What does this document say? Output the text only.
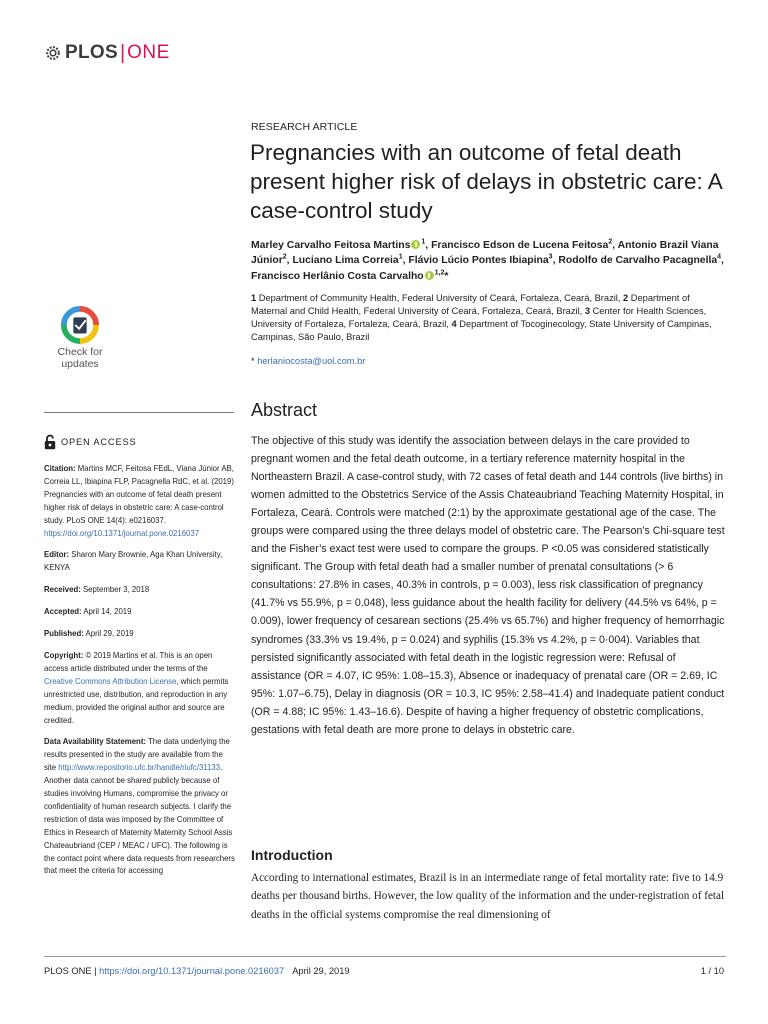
PLOS | ONE
RESEARCH ARTICLE
Pregnancies with an outcome of fetal death present higher risk of delays in obstetric care: A case-control study
Marley Carvalho Feitosa Martins $^1$, Francisco Edson de Lucena Feitosa$^2$, Antonio Brazil Viana Júnior$^2$, Luciano Lima Correia$^1$, Flávio Lúcio Pontes Ibiapina$^3$, Rodolfo de Carvalho Pacagnella$^4$, Francisco Herlânio Costa Carvalho $^{1,2}$*
1 Department of Community Health, Federal University of Ceará, Fortaleza, Ceará, Brazil, 2 Department of Maternal and Child Health, Federal University of Ceará, Fortaleza, Ceará, Brazil, 3 Center for Health Sciences, University of Fortaleza, Fortaleza, Ceará, Brazil, 4 Department of Tocoginecology, State University of Campinas, Campinas, São Paulo, Brazil
* herlaniocosta@uol.com.br
Check for
updates
OPEN ACCESS

Citation: Martins MCF, Feitosa FEdL, Viana Júnior AB, Correia LL, Ibiapina FLP, Pacagnella RdC, et al. (2019) Pregnancies with an outcome of fetal death present higher risk of delays in obstetric care: A case-control study. PLoS ONE 14(4): e0216037. https://doi.org/10.1371/journal.pone.0216037

Editor: Sharon Mary Brownie, Aga Khan University, KENYA

Received: September 3, 2018

Accepted: April 14, 2019

Published: April 29, 2019

Copyright: © 2019 Martins et al. This is an open access article distributed under the terms of the Creative Commons Attribution License, which permits unrestricted use, distribution, and reproduction in any medium, provided the original author and source are credited.

Data Availability Statement: The data underlying the results presented in the study are available from the site http://www.repositorio.ufc.br/handle/riufc/31133. Another data cannot be shared publicly because of studies involving Humans, compromise the privacy or confidentiality of human research subjects. I clarify the restriction of data was imposed by the Committee of Ethics in Research of Maternity Maternity School Assis Chateaubriand (CEP / MEAC / UFC). The following is the contact point where data requests from researchers that meet the criteria for accessing

Abstract

The objective of this study was identify the association between delays in the care provided to pregnant women and the fetal death outcome, in a tertiary reference maternity hospital in the Northeastern Brazil. A case-control study, with 72 cases of fetal death and 144 controls (live births) in women admitted to the Obstetrics Service of the Assis Chateaubriand Teaching Maternity Hospital, in Fortaleza, Ceará. Controls were matched (2:1) by the approximate gestational age of the case. The groups were compared using the three delays model of obstetric care. The Pearson’s Chi-square test and the Fisher’s exact test were used to compare the groups. P <0.05 was considered statistically significant. The Group with fetal death had a smaller number of prenatal consultations (> 6 consultations: 27.8% in cases, 40.3% in controls, p = 0.003), less risk classification of pregnancy (41.7% vs 55.9%, p = 0.048), less guidance about the health facility for delivery (44.5% vs 64%, p = 0.009), lower frequency of cesarean sections (25.4% vs 65.7%) and higher frequency of hemorrhagic syndromes (33.3% vs 19.4%, p = 0.024) and syphilis (15.3% vs 4.2%, p = 0·004). Variables that persisted significantly associated with fetal death in the logistic regression were: Refusal of assistance (OR = 4.07, IC 95%: 1.08–15.3), Absence or inadequacy of prenatal care (OR = 2.69, IC 95%: 1.07–6.75), Delay in diagnosis (OR = 10.3, IC 95%: 2.58–41.4) and Inadequate patient conduct (OR = 4.88; IC 95%: 1.43–16.6). Despite of having a higher frequency of obstetric complications, gestations with fetal death are more prone to delays in obstetric care.

Introduction

According to international estimates, Brazil is in an intermediate range of fetal mortality rate: five to 14.9 deaths per thousand births. However, the low quality of the information and the under-registration of fetal deaths in the official systems compromise the real dimensioning of

PLOS ONE | https://doi.org/10.1371/journal.pone.0216037 April 29, 2019	1 / 10
